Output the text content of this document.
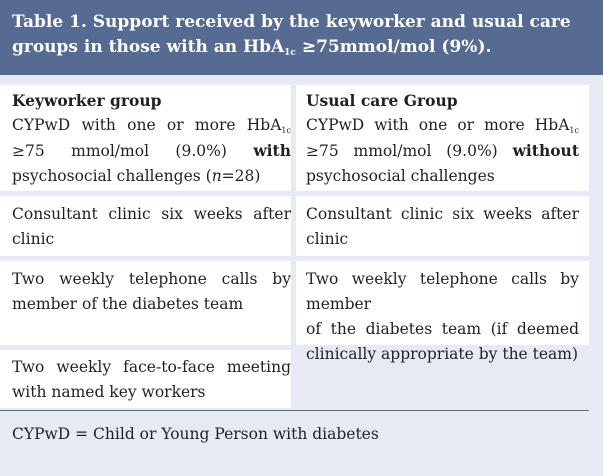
Table 1. Support received by the keyworker and usual care groups in those with an HbA$_{1c}$ ≥75mmol/mol (9%).
Keyworker group
CYPwD with one or more HbA$_{1c}$
≥75 mmol/mol (9.0%) with
psychosocial challenges (n=28)
Usual care Group
CYPwD with one or more HbA$_{1c}$
≥75 mmol/mol (9.0%) without
psychosocial challenges
Consultant clinic six weeks after
clinic
Consultant clinic six weeks after
clinic
Two weekly telephone calls by
member of the diabetes team
Two weekly telephone calls by member
of the diabetes team (if deemed
clinically appropriate by the team)
Two weekly face-to-face meeting
with named key workers
CYPwD = Child or Young Person with diabetes
